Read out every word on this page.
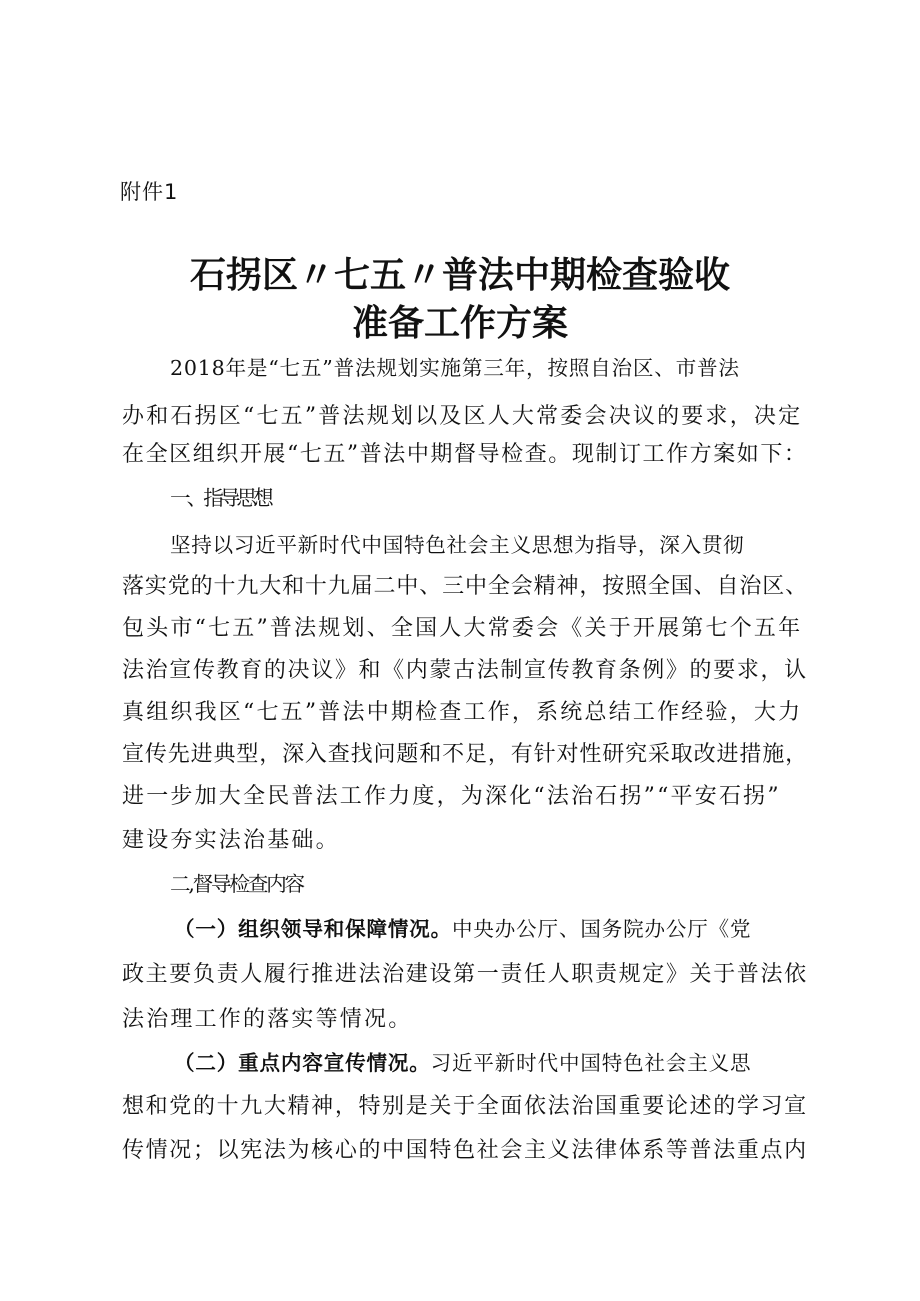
附件1
石拐区〃七五〃普法中期检查验收
准备工作方案
2018年是“七五”普法规划实施第三年，按照自治区、市普法
办和石拐区“七五”普法规划以及区人大常委会决议的要求，决定
在全区组织开展“七五”普法中期督导检查。现制订工作方案如下：
一、指导思想
坚持以习近平新时代中国特色社会主义思想为指导，深入贯彻
落实党的十九大和十九届二中、三中全会精神，按照全国、自治区、
包头市“七五”普法规划、全国人大常委会《关于开展第七个五年
法治宣传教育的决议》和《内蒙古法制宣传教育条例》的要求，认
真组织我区“七五”普法中期检查工作，系统总结工作经验，大力
宣传先进典型，深入查找问题和不足，有针对性研究采取改进措施，
进一步加大全民普法工作力度，为深化“法治石拐”“平安石拐”
建设夯实法治基础。
二,督导检查内容
（一）组织领导和保障情况。中央办公厅、国务院办公厅《党
政主要负责人履行推进法治建设第一责任人职责规定》关于普法依
法治理工作的落实等情况。
（二）重点内容宣传情况。习近平新时代中国特色社会主义思
想和党的十九大精神，特别是关于全面依法治国重要论述的学习宣
传情况；以宪法为核心的中国特色社会主义法律体系等普法重点内
